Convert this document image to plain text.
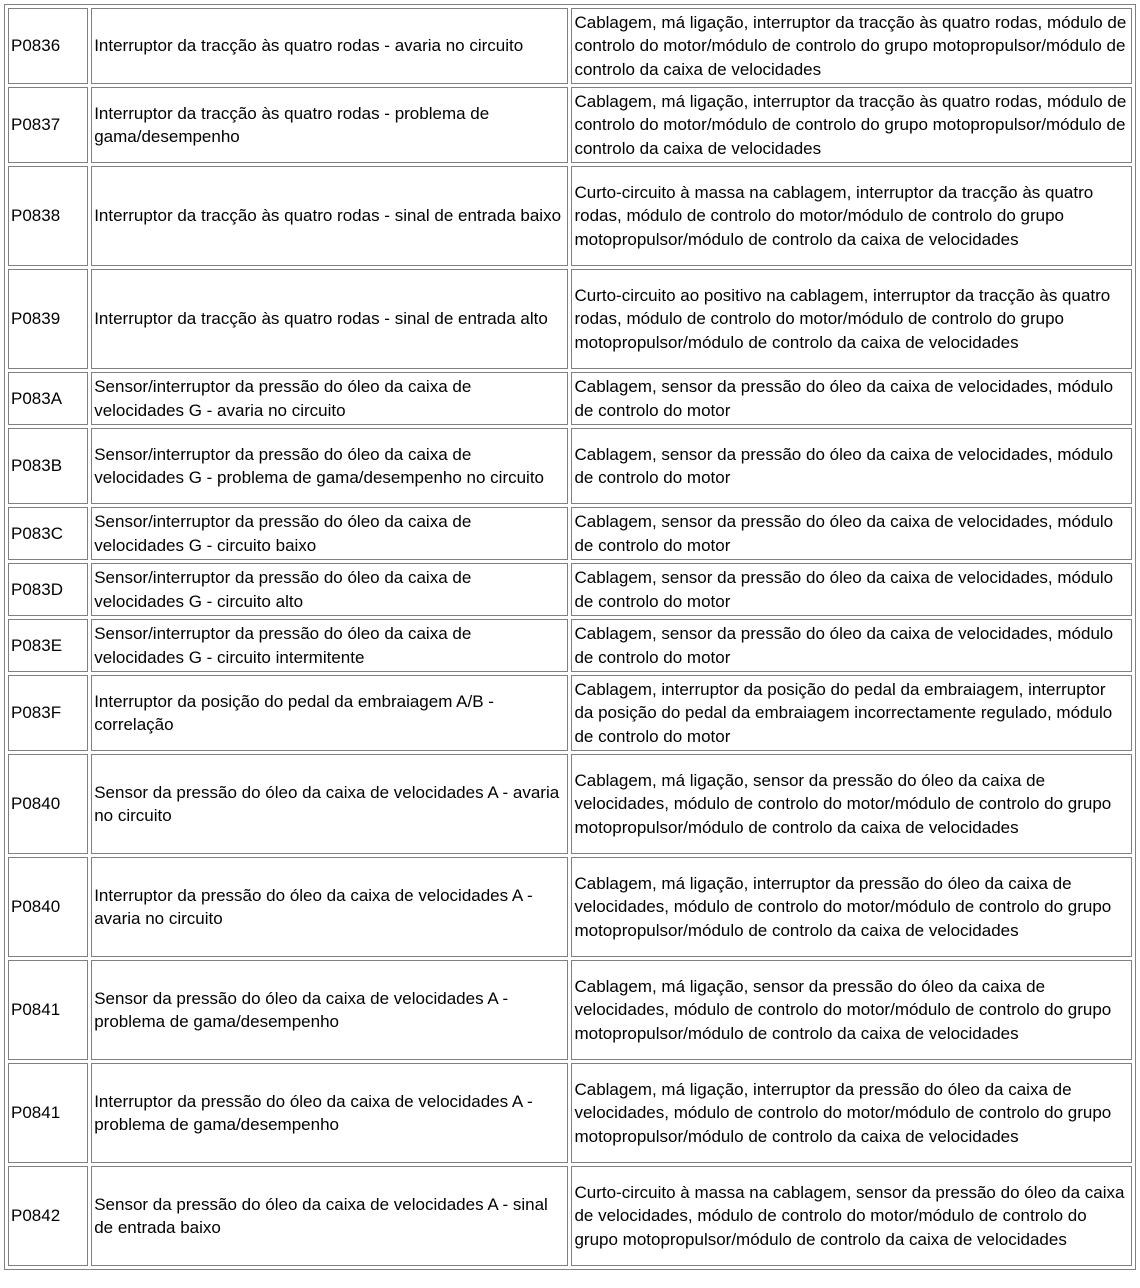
P0836	Interruptor da tracção às quatro rodas - avaria no circuito	Cablagem, má ligação, interruptor da tracção às quatro rodas, módulo de controlo do motor/módulo de controlo do grupo motopropulsor/módulo de controlo da caixa de velocidades
P0837	Interruptor da tracção às quatro rodas - problema de gama/desempenho	Cablagem, má ligação, interruptor da tracção às quatro rodas, módulo de controlo do motor/módulo de controlo do grupo motopropulsor/módulo de controlo da caixa de velocidades
P0838	Interruptor da tracção às quatro rodas - sinal de entrada baixo	Curto-circuito à massa na cablagem, interruptor da tracção às quatro rodas, módulo de controlo do motor/módulo de controlo do grupo motopropulsor/módulo de controlo da caixa de velocidades
P0839	Interruptor da tracção às quatro rodas - sinal de entrada alto	Curto-circuito ao positivo na cablagem, interruptor da tracção às quatro rodas, módulo de controlo do motor/módulo de controlo do grupo motopropulsor/módulo de controlo da caixa de velocidades
P083A	Sensor/interruptor da pressão do óleo da caixa de velocidades G - avaria no circuito	Cablagem, sensor da pressão do óleo da caixa de velocidades, módulo de controlo do motor
P083B	Sensor/interruptor da pressão do óleo da caixa de velocidades G - problema de gama/desempenho no circuito	Cablagem, sensor da pressão do óleo da caixa de velocidades, módulo de controlo do motor
P083C	Sensor/interruptor da pressão do óleo da caixa de velocidades G - circuito baixo	Cablagem, sensor da pressão do óleo da caixa de velocidades, módulo de controlo do motor
P083D	Sensor/interruptor da pressão do óleo da caixa de velocidades G - circuito alto	Cablagem, sensor da pressão do óleo da caixa de velocidades, módulo de controlo do motor
P083E	Sensor/interruptor da pressão do óleo da caixa de velocidades G - circuito intermitente	Cablagem, sensor da pressão do óleo da caixa de velocidades, módulo de controlo do motor
P083F	Interruptor da posição do pedal da embraiagem A/B - correlação	Cablagem, interruptor da posição do pedal da embraiagem, interruptor da posição do pedal da embraiagem incorrectamente regulado, módulo de controlo do motor
P0840	Sensor da pressão do óleo da caixa de velocidades A - avaria no circuito	Cablagem, má ligação, sensor da pressão do óleo da caixa de velocidades, módulo de controlo do motor/módulo de controlo do grupo motopropulsor/módulo de controlo da caixa de velocidades
P0840	Interruptor da pressão do óleo da caixa de velocidades A - avaria no circuito	Cablagem, má ligação, interruptor da pressão do óleo da caixa de velocidades, módulo de controlo do motor/módulo de controlo do grupo motopropulsor/módulo de controlo da caixa de velocidades
P0841	Sensor da pressão do óleo da caixa de velocidades A - problema de gama/desempenho	Cablagem, má ligação, sensor da pressão do óleo da caixa de velocidades, módulo de controlo do motor/módulo de controlo do grupo motopropulsor/módulo de controlo da caixa de velocidades
P0841	Interruptor da pressão do óleo da caixa de velocidades A - problema de gama/desempenho	Cablagem, má ligação, interruptor da pressão do óleo da caixa de velocidades, módulo de controlo do motor/módulo de controlo do grupo motopropulsor/módulo de controlo da caixa de velocidades
P0842	Sensor da pressão do óleo da caixa de velocidades A - sinal de entrada baixo	Curto-circuito à massa na cablagem, sensor da pressão do óleo da caixa de velocidades, módulo de controlo do motor/módulo de controlo do grupo motopropulsor/módulo de controlo da caixa de velocidades
